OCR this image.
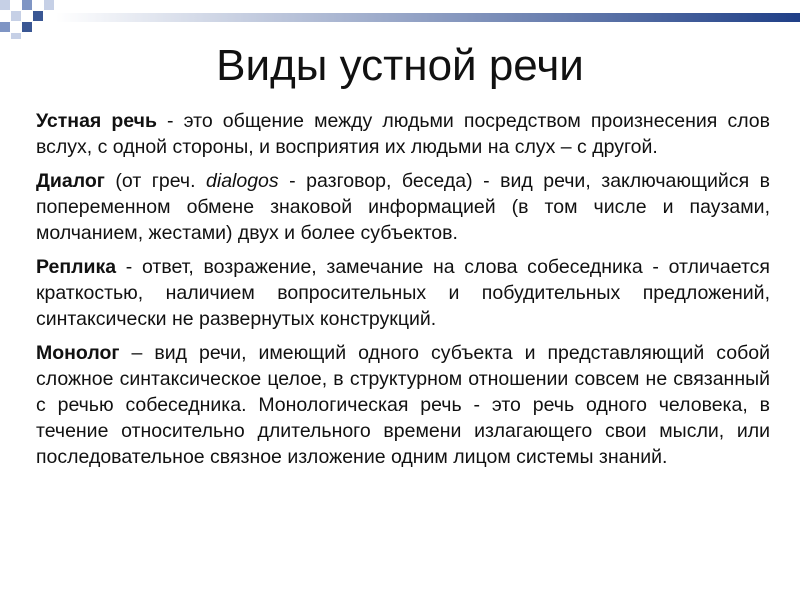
Виды устной речи

Устная речь - это общение между людьми посредством произнесения слов вслух, с одной стороны, и восприятия их людьми на слух – с другой.

Диалог (от греч. dialogos - разговор, беседа) - вид речи, заключающийся в попеременном обмене знаковой информацией (в том числе и паузами, молчанием, жестами) двух и более субъектов.

Реплика - ответ, возражение, замечание на слова собеседника - отличается краткостью, наличием вопросительных и побудительных предложений, синтаксически не развернутых конструкций.

Монолог – вид речи, имеющий одного субъекта и представляющий собой сложное синтаксическое целое, в структурном отношении совсем не связанный с речью собеседника. Монологическая речь - это речь одного человека, в течение относительно длительного времени излагающего свои мысли, или последовательное связное изложение одним лицом системы знаний.
